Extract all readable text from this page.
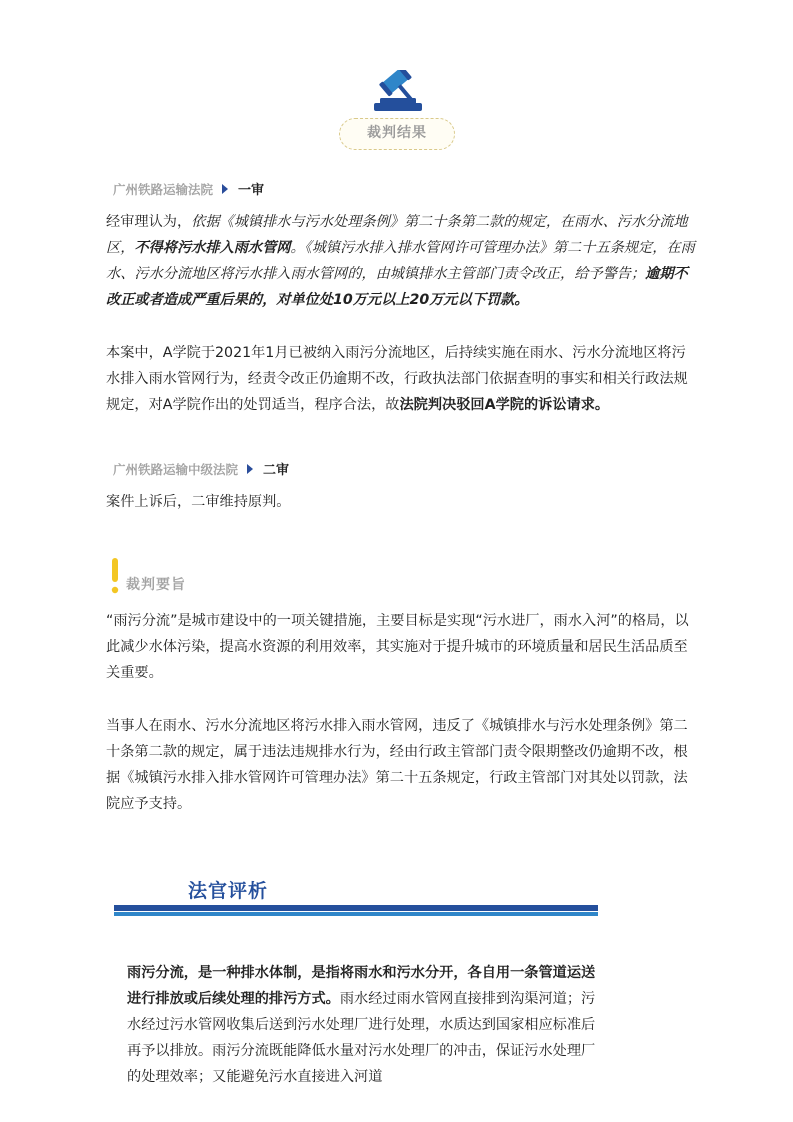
裁判结果
广州铁路运输法院 一审
经审理认为，依据《城镇排水与污水处理条例》第二十条第二款的规定，在雨水、污水分流地区，不得将污水排入雨水管网。《城镇污水排入排水管网许可管理办法》第二十五条规定，在雨水、污水分流地区将污水排入雨水管网的，由城镇排水主管部门责令改正，给予警告；逾期不改正或者造成严重后果的，对单位处10万元以上20万元以下罚款。
本案中，A学院于2021年1月已被纳入雨污分流地区，后持续实施在雨水、污水分流地区将污水排入雨水管网行为，经责令改正仍逾期不改，行政执法部门依据查明的事实和相关行政法规规定，对A学院作出的处罚适当，程序合法，故法院判决驳回A学院的诉讼请求。
广州铁路运输中级法院 二审
案件上诉后，二审维持原判。
裁判要旨
“雨污分流”是城市建设中的一项关键措施，主要目标是实现“污水进厂，雨水入河”的格局，以此减少水体污染，提高水资源的利用效率，其实施对于提升城市的环境质量和居民生活品质至关重要。
当事人在雨水、污水分流地区将污水排入雨水管网，违反了《城镇排水与污水处理条例》第二十条第二款的规定，属于违法违规排水行为，经由行政主管部门责令限期整改仍逾期不改，根据《城镇污水排入排水管网许可管理办法》第二十五条规定，行政主管部门对其处以罚款，法院应予支持。
法官评析
雨污分流，是一种排水体制，是指将雨水和污水分开，各自用一条管道运送进行排放或后续处理的排污方式。雨水经过雨水管网直接排到沟渠河道；污水经过污水管网收集后送到污水处理厂进行处理，水质达到国家相应标准后再予以排放。雨污分流既能降低水量对污水处理厂的冲击，保证污水处理厂的处理效率；又能避免污水直接进入河道
